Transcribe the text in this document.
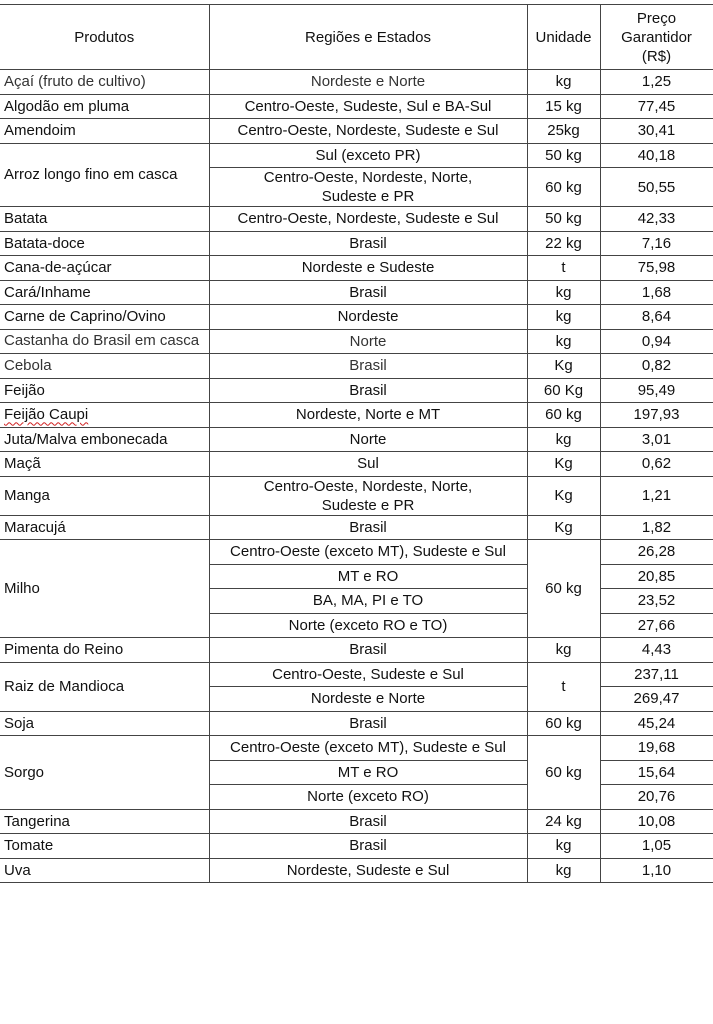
Produtos	Regiões e Estados	Unidade	Preço Garantidor (R$)
Açaí (fruto de cultivo)	Nordeste e Norte	kg	1,25
Algodão em pluma	Centro-Oeste, Sudeste, Sul e BA-Sul	15 kg	77,45
Amendoim	Centro-Oeste, Nordeste, Sudeste e Sul	25kg	30,41
Arroz longo fino em casca	Sul (exceto PR)	50 kg	40,18
	Centro-Oeste, Nordeste, Norte, Sudeste e PR	60 kg	50,55
Batata	Centro-Oeste, Nordeste, Sudeste e Sul	50 kg	42,33
Batata-doce	Brasil	22 kg	7,16
Cana-de-açúcar	Nordeste e Sudeste	t	75,98
Cará/Inhame	Brasil	kg	1,68
Carne de Caprino/Ovino	Nordeste	kg	8,64
Castanha do Brasil em casca	Norte	kg	0,94
Cebola	Brasil	Kg	0,82
Feijão	Brasil	60 Kg	95,49
Feijão Caupi	Nordeste, Norte e MT	60 kg	197,93
Juta/Malva embonecada	Norte	kg	3,01
Maçã	Sul	Kg	0,62
Manga	Centro-Oeste, Nordeste, Norte, Sudeste e PR	Kg	1,21
Maracujá	Brasil	Kg	1,82
Milho	Centro-Oeste (exceto MT), Sudeste e Sul	60 kg	26,28
	MT e RO		20,85
	BA, MA, PI e TO		23,52
	Norte (exceto RO e TO)		27,66
Pimenta do Reino	Brasil	kg	4,43
Raiz de Mandioca	Centro-Oeste, Sudeste e Sul	t	237,11
	Nordeste e Norte		269,47
Soja	Brasil	60 kg	45,24
Sorgo	Centro-Oeste (exceto MT), Sudeste e Sul	60 kg	19,68
	MT e RO		15,64
	Norte (exceto RO)		20,76
Tangerina	Brasil	24 kg	10,08
Tomate	Brasil	kg	1,05
Uva	Nordeste, Sudeste e Sul	kg	1,10
